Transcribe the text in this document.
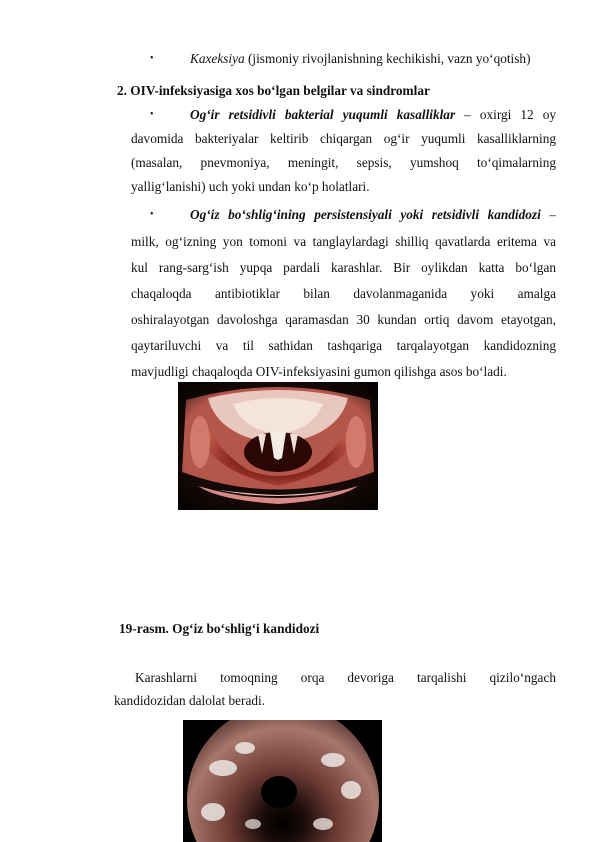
•	Kaxeksiya (jismoniy rivojlanishning kechikishi, vazn yo‘qotish)
2. OIV-infeksiyasiga xos bo‘lgan belgilar va sindromlar
•	Og‘ir retsidivli bakterial yuqumli kasalliklar – oxirgi 12 oy
davomida bakteriyalar keltirib chiqargan og‘ir yuqumli kasalliklarning
(masalan, pnevmoniya, meningit, sepsis, yumshoq to‘qimalarning
yallig‘lanishi) uch yoki undan ko‘p holatlari.
•	Og‘iz bo‘shlig‘ining persistensiyali yoki retsidivli kandidozi –
milk, og‘izning yon tomoni va tanglaylardagi shilliq qavatlarda eritema va
kul rang-sarg‘ish yupqa pardali karashlar. Bir oylikdan katta bo‘lgan
chaqaloqda antibiotiklar bilan davolanmaganida yoki amalga
oshiralayotgan davoloshga qaramasdan 30 kundan ortiq davom etayotgan,
qaytariluvchi va til sathidan tashqariga tarqalayotgan kandidozning
mavjudligi chaqaloqda OIV-infeksiyasini gumon qilishga asos bo‘ladi.
19-rasm. Og‘iz bo‘shlig‘i kandidozi
Karashlarni tomoqning orqa devoriga tarqalishi qizilo‘ngach
kandidozidan dalolat beradi.
